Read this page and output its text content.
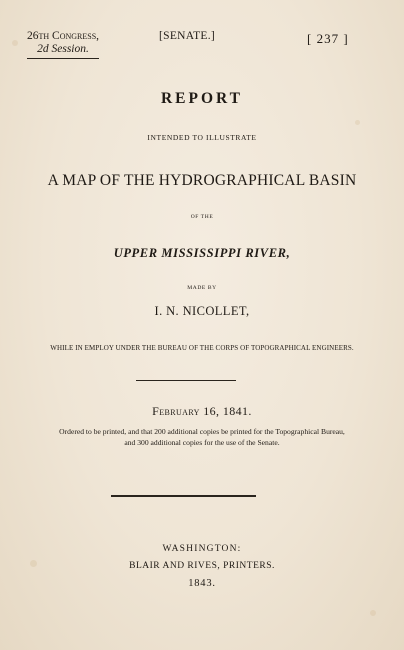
26th Congress,
2d Session.
[SENATE.]	[ 237 ]
REPORT
INTENDED TO ILLUSTRATE
A MAP OF THE HYDROGRAPHICAL BASIN
OF THE
UPPER MISSISSIPPI RIVER,
MADE BY
I. N. NICOLLET,
WHILE IN EMPLOY UNDER THE BUREAU OF THE CORPS OF TOPOGRAPHICAL ENGINEERS.
February 16, 1841.
Ordered to be printed, and that 200 additional copies be printed for the Topographical Bureau,
and 300 additional copies for the use of the Senate.
WASHINGTON:
BLAIR AND RIVES, PRINTERS.
1843.
